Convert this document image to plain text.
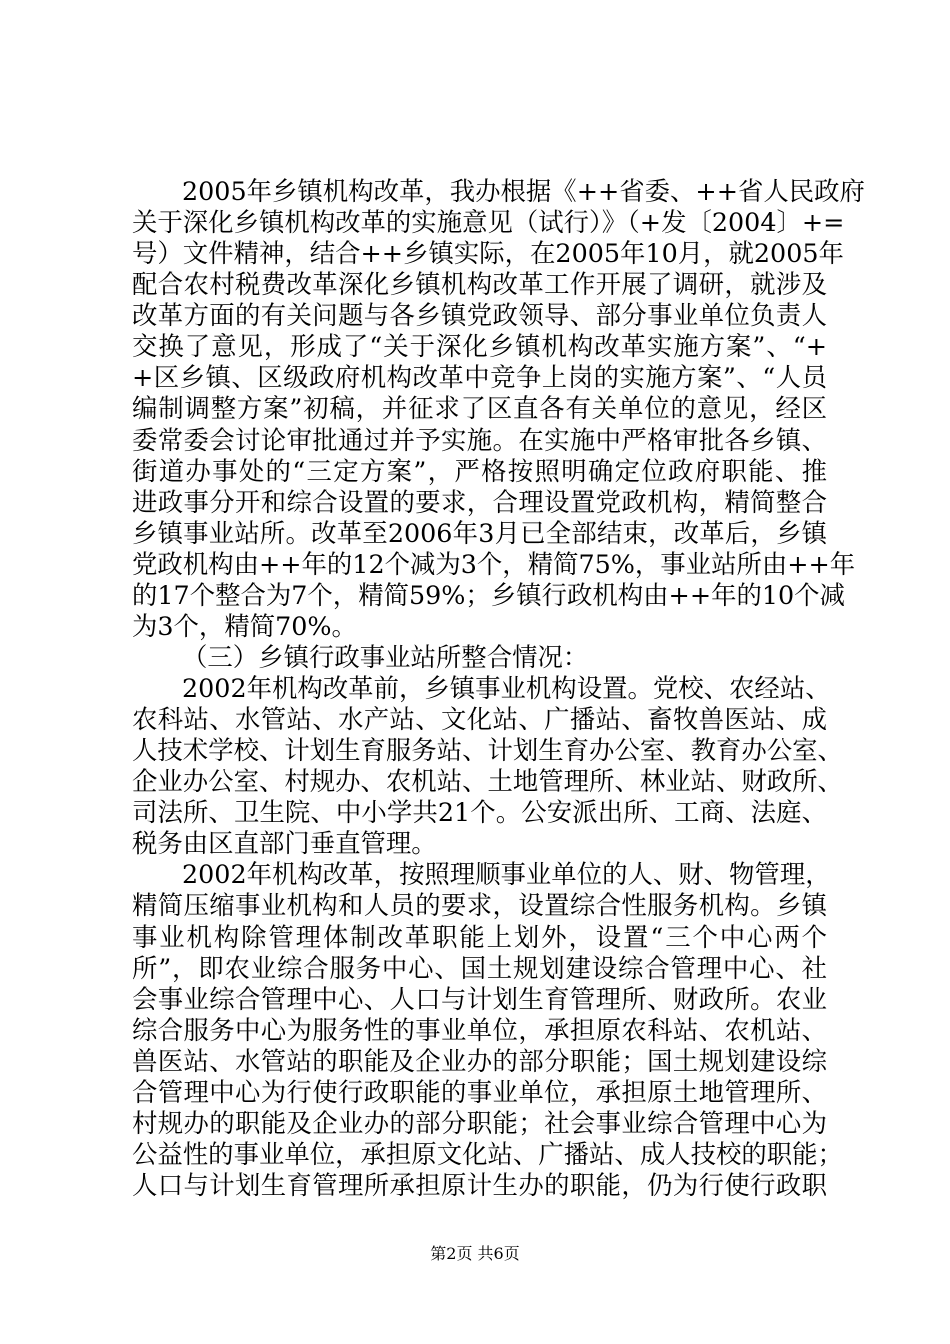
2005年乡镇机构改革，我办根据《++省委、++省人民政府
关于深化乡镇机构改革的实施意见（试行）》（+发〔2004〕+=
号）文件精神，结合++乡镇实际，在2005年10月，就2005年
配合农村税费改革深化乡镇机构改革工作开展了调研，就涉及
改革方面的有关问题与各乡镇党政领导、部分事业单位负责人
交换了意见，形成了“关于深化乡镇机构改革实施方案”、“+
+区乡镇、区级政府机构改革中竞争上岗的实施方案”、“人员
编制调整方案”初稿，并征求了区直各有关单位的意见，经区
委常委会讨论审批通过并予实施。在实施中严格审批各乡镇、
街道办事处的“三定方案”，严格按照明确定位政府职能、推
进政事分开和综合设置的要求，合理设置党政机构，精简整合
乡镇事业站所。改革至2006年3月已全部结束，改革后，乡镇
党政机构由++年的12个减为3个，精简75%，事业站所由++年
的17个整合为7个，精简59%；乡镇行政机构由++年的10个减
为3个，精简70%。
（三）乡镇行政事业站所整合情况：
2002年机构改革前，乡镇事业机构设置。党校、农经站、
农科站、水管站、水产站、文化站、广播站、畜牧兽医站、成
人技术学校、计划生育服务站、计划生育办公室、教育办公室、
企业办公室、村规办、农机站、土地管理所、林业站、财政所、
司法所、卫生院、中小学共21个。公安派出所、工商、法庭、
税务由区直部门垂直管理。
2002年机构改革，按照理顺事业单位的人、财、物管理，
精简压缩事业机构和人员的要求，设置综合性服务机构。乡镇
事业机构除管理体制改革职能上划外，设置“三个中心两个
所”，即农业综合服务中心、国土规划建设综合管理中心、社
会事业综合管理中心、人口与计划生育管理所、财政所。农业
综合服务中心为服务性的事业单位，承担原农科站、农机站、
兽医站、水管站的职能及企业办的部分职能；国土规划建设综
合管理中心为行使行政职能的事业单位，承担原土地管理所、
村规办的职能及企业办的部分职能；社会事业综合管理中心为
公益性的事业单位，承担原文化站、广播站、成人技校的职能；
人口与计划生育管理所承担原计生办的职能，仍为行使行政职
第2页 共6页
